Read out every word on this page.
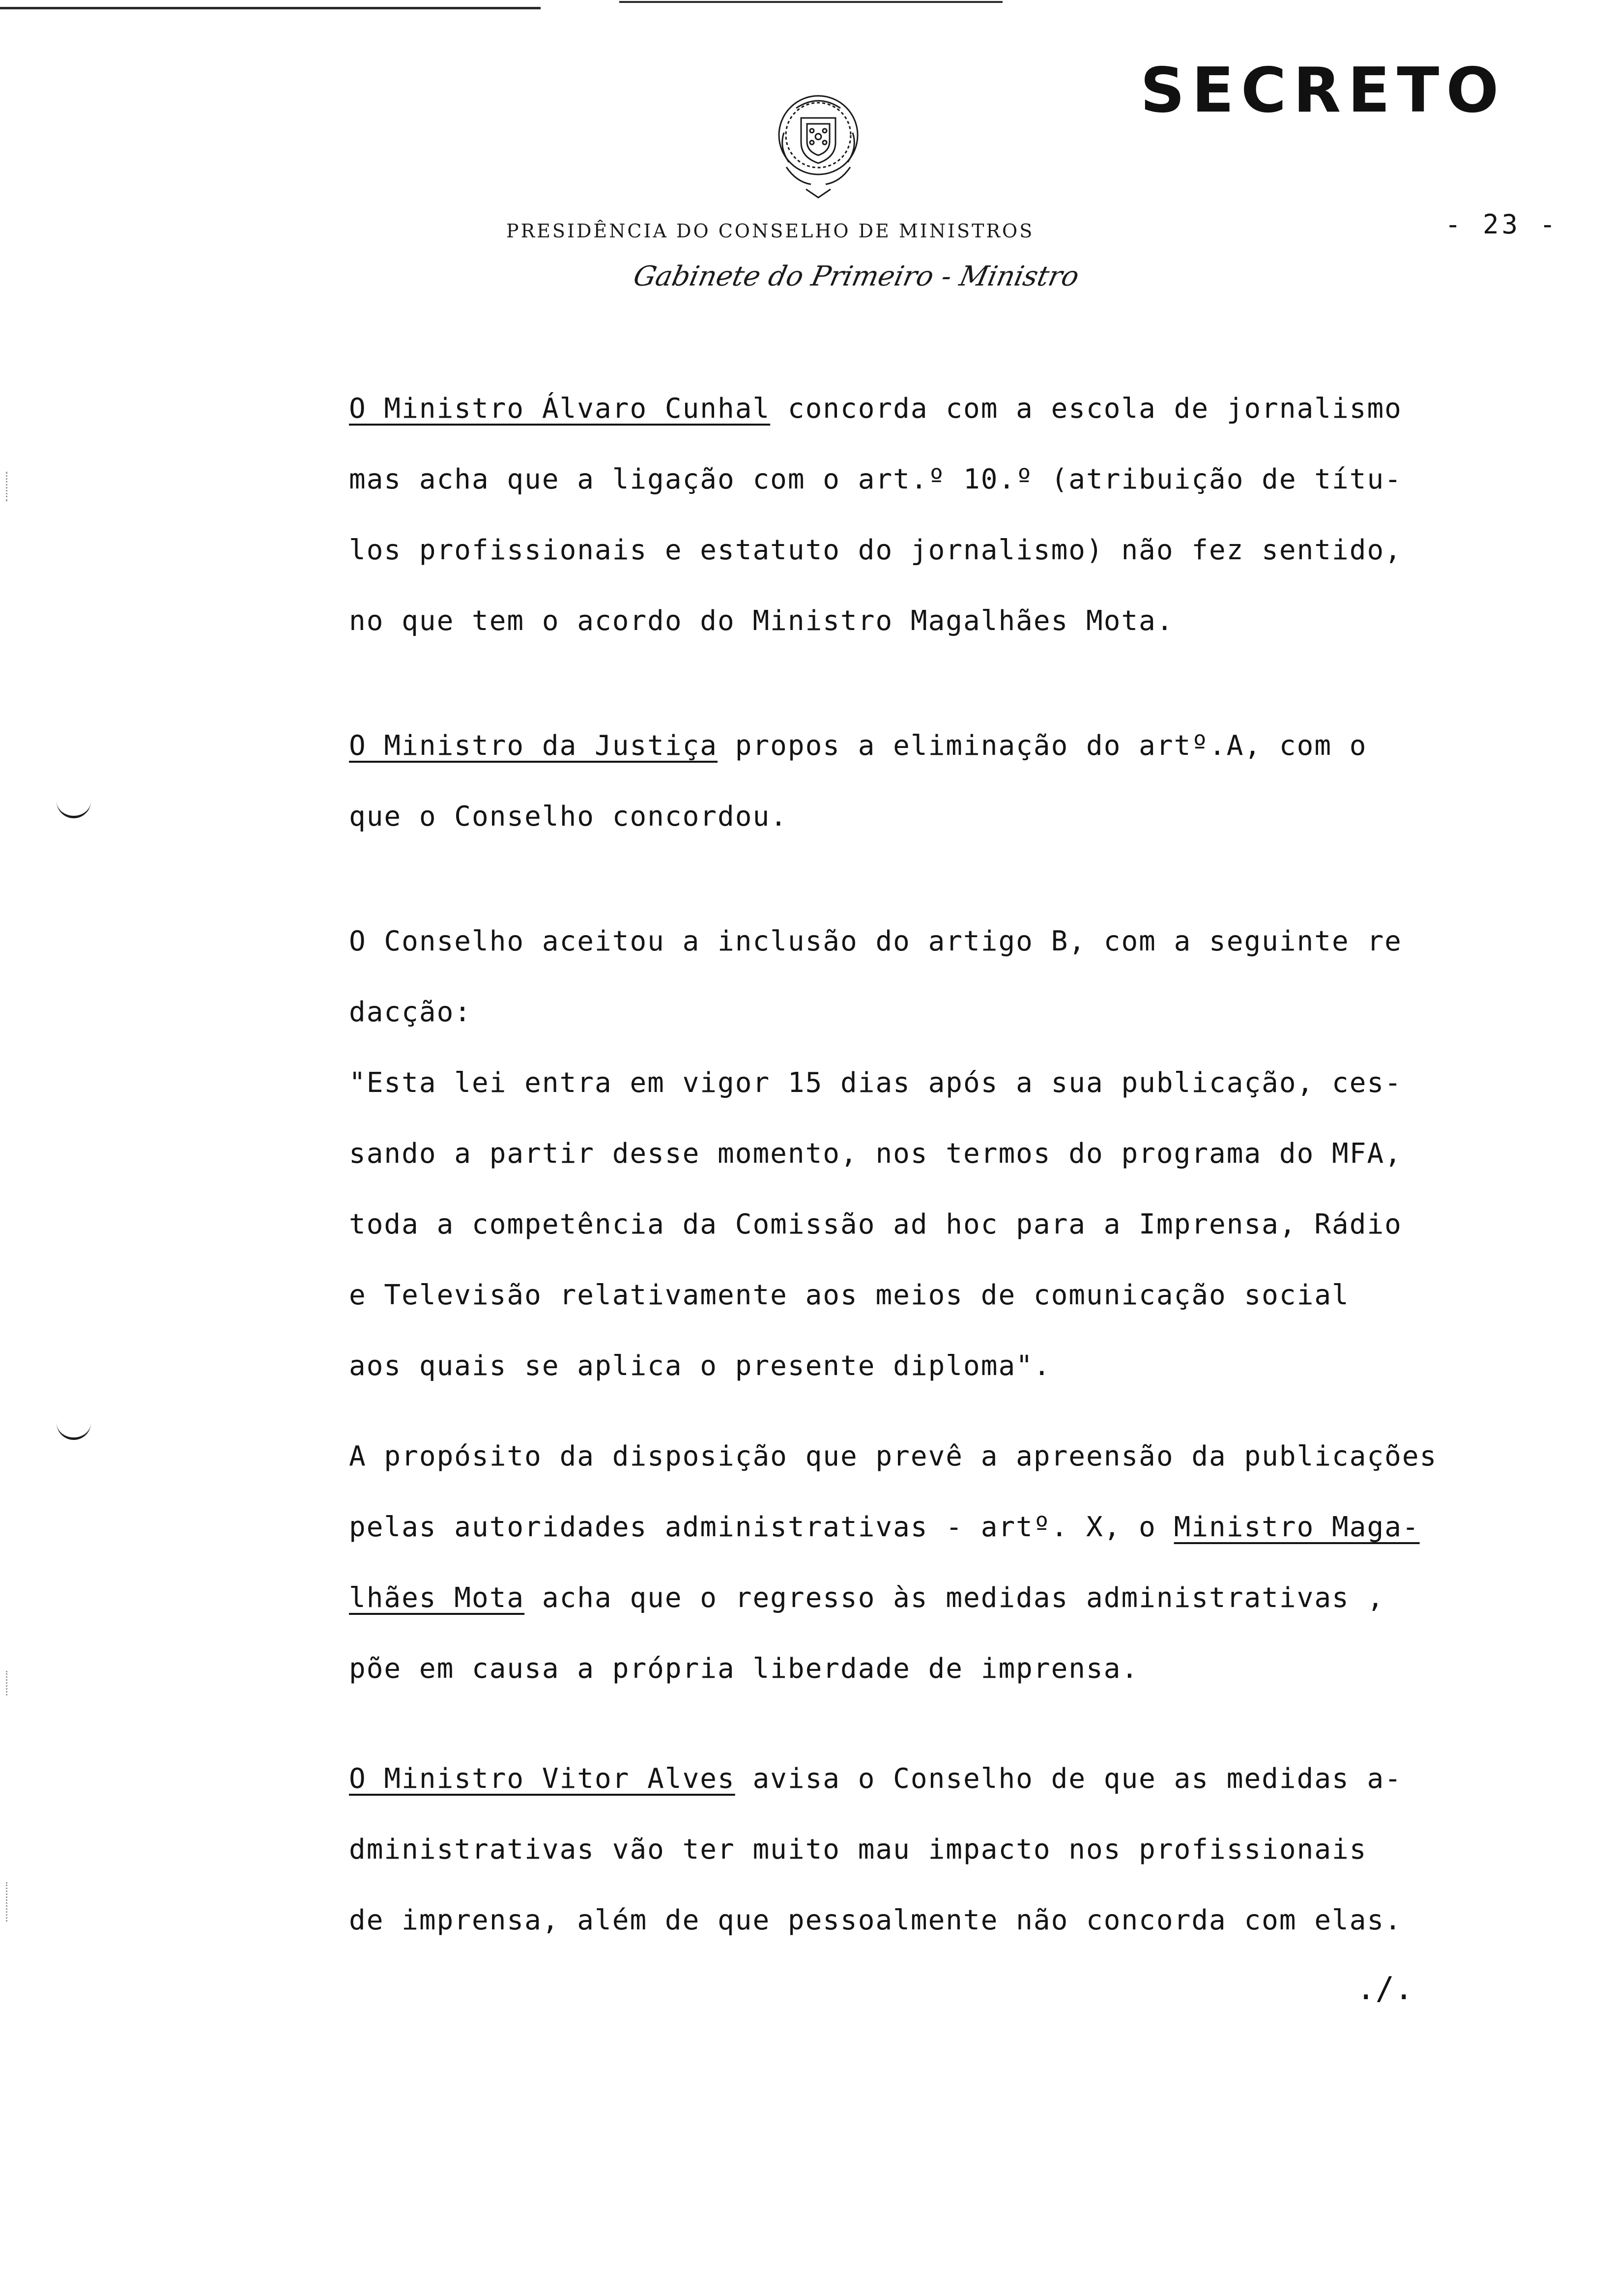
SECRETO
PRESIDÊNCIA DO CONSELHO DE MINISTROS
Gabinete do Primeiro - Ministro
- 23 -
O Ministro Álvaro Cunhal concorda com a escola de jornalismo
mas acha que a ligação com o art.º 10.º (atribuição de títu-
los profissionais e estatuto do jornalismo) não fez sentido,
no que tem o acordo do Ministro Magalhães Mota.
O Ministro da Justiça propos a eliminação do artº.A, com o
que o Conselho concordou.
O Conselho aceitou a inclusão do artigo B, com a seguinte re
dacção:
"Esta lei entra em vigor 15 dias após a sua publicação, ces-
sando a partir desse momento, nos termos do programa do MFA,
toda a competência da Comissão ad hoc para a Imprensa, Rádio
e Televisão relativamente aos meios de comunicação social
aos quais se aplica o presente diploma".
A propósito da disposição que prevê a apreensão da publicações
pelas autoridades administrativas - artº. X, o Ministro Maga-
lhães Mota acha que o regresso às medidas administrativas ,
põe em causa a própria liberdade de imprensa.
O Ministro Vitor Alves avisa o Conselho de que as medidas a-
dministrativas vão ter muito mau impacto nos profissionais
de imprensa, além de que pessoalmente não concorda com elas.
./.
